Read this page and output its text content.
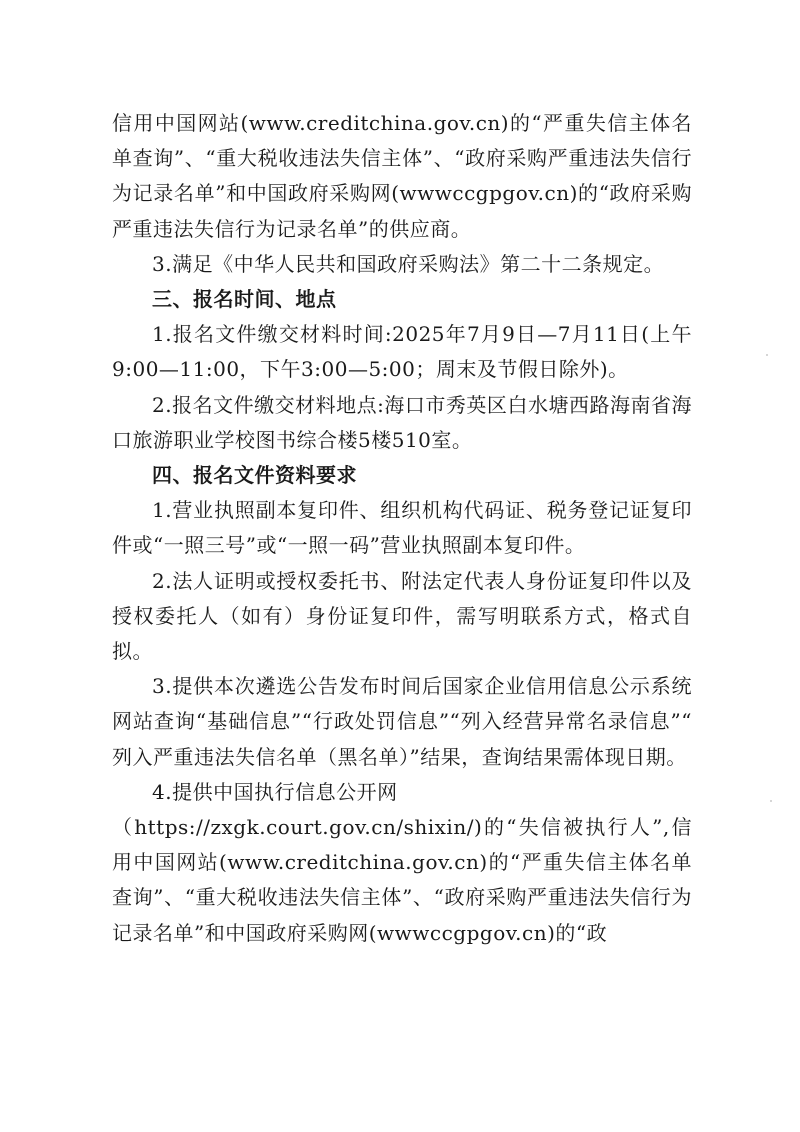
信用中国网站(www.creditchina.gov.cn)的“严重失信主体名单查询”、“重大税收违法失信主体”、“政府采购严重违法失信行为记录名单”和中国政府采购网(wwwccgpgov.cn)的“政府采购严重违法失信行为记录名单”的供应商。

3.满足《中华人民共和国政府采购法》第二十二条规定。

三、报名时间、地点

1.报名文件缴交材料时间:2025年7月9日—7月11日(上午9:00—11:00，下午3:00—5:00；周末及节假日除外)。

2.报名文件缴交材料地点:海口市秀英区白水塘西路海南省海口旅游职业学校图书综合楼5楼510室。

四、报名文件资料要求

1.营业执照副本复印件、组织机构代码证、税务登记证复印件或“一照三号”或“一照一码”营业执照副本复印件。

2.法人证明或授权委托书、附法定代表人身份证复印件以及授权委托人（如有）身份证复印件，需写明联系方式，格式自拟。

3.提供本次遴选公告发布时间后国家企业信用信息公示系统网站查询“基础信息”“行政处罚信息”“列入经营异常名录信息”“ 列入严重违法失信名单（黑名单）”结果，查询结果需体现日期。

4.提供中国执行信息公开网

（https://zxgk.court.gov.cn/shixin/)的“失信被执行人”,信用中国网站(www.creditchina.gov.cn)的“严重失信主体名单查询”、“重大税收违法失信主体”、“政府采购严重违法失信行为记录名单”和中国政府采购网(wwwccgpgov.cn)的“政
